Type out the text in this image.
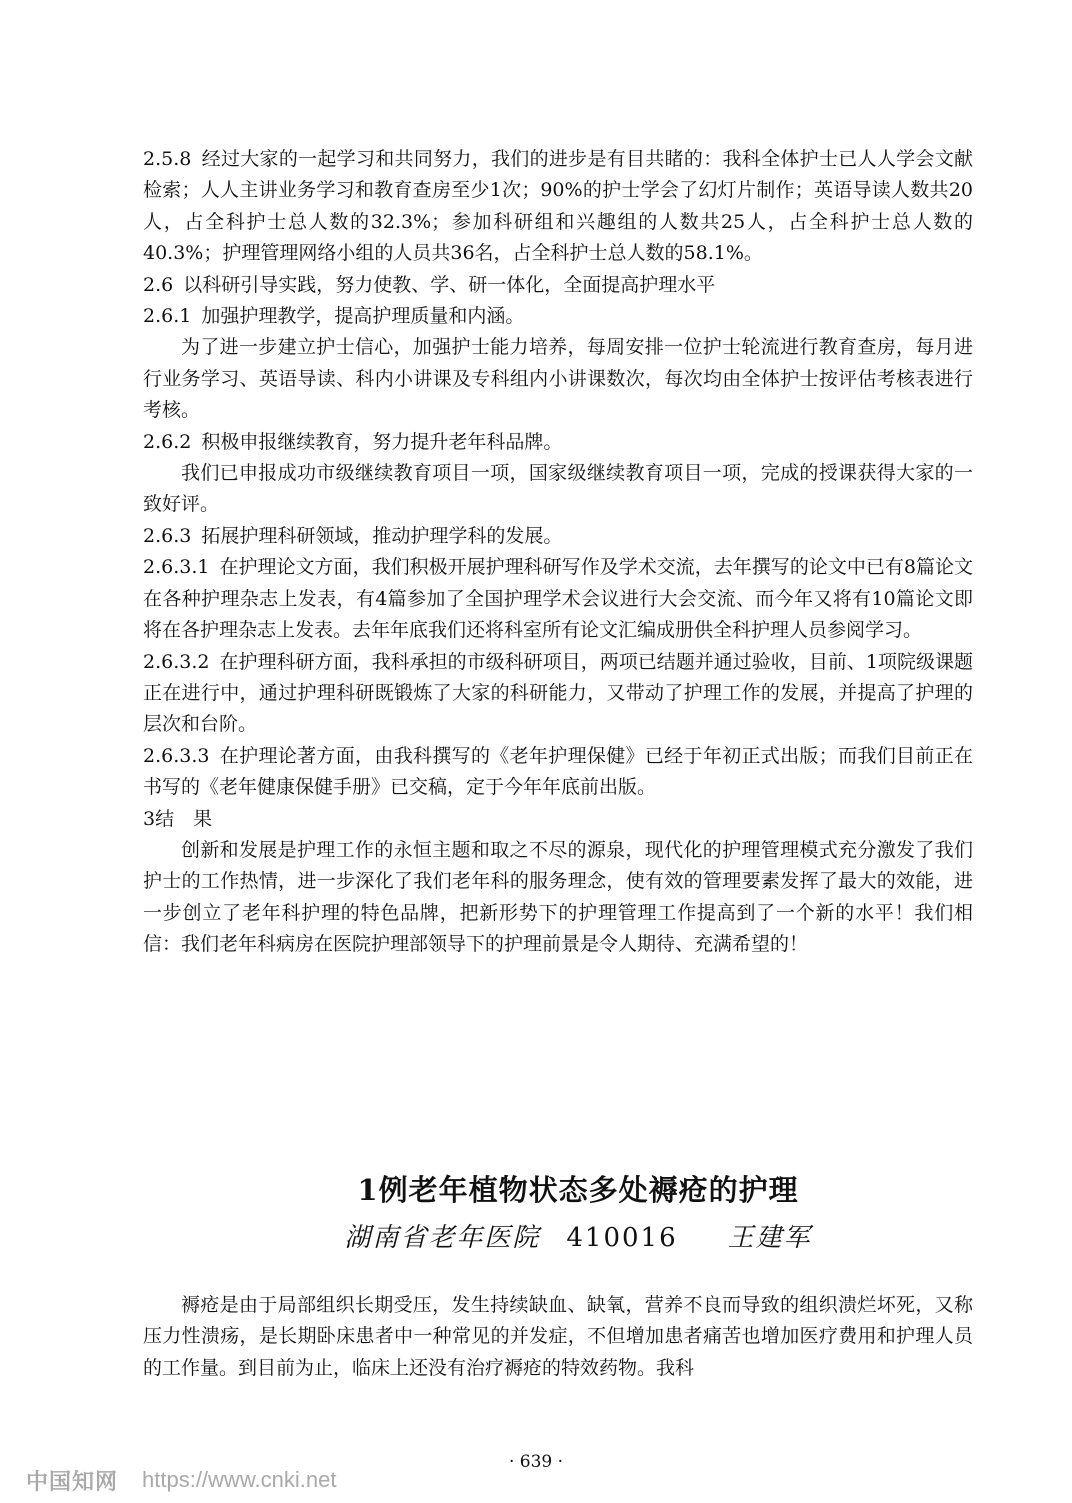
2.5.8 经过大家的一起学习和共同努力，我们的进步是有目共睹的：我科全体护士已人人学会文献检索；人人主讲业务学习和教育查房至少1次；90%的护士学会了幻灯片制作；英语导读人数共20人，占全科护士总人数的32.3%；参加科研组和兴趣组的人数共25人，占全科护士总人数的40.3%；护理管理网络小组的人员共36名，占全科护士总人数的58.1%。

2.6 以科研引导实践，努力使教、学、研一体化，全面提高护理水平

2.6.1 加强护理教学，提高护理质量和内涵。

为了进一步建立护士信心，加强护士能力培养，每周安排一位护士轮流进行教育查房，每月进行业务学习、英语导读、科内小讲课及专科组内小讲课数次，每次均由全体护士按评估考核表进行考核。

2.6.2 积极申报继续教育，努力提升老年科品牌。

我们已申报成功市级继续教育项目一项，国家级继续教育项目一项，完成的授课获得大家的一致好评。

2.6.3 拓展护理科研领域，推动护理学科的发展。

2.6.3.1 在护理论文方面，我们积极开展护理科研写作及学术交流，去年撰写的论文中已有8篇论文在各种护理杂志上发表，有4篇参加了全国护理学术会议进行大会交流、而今年又将有10篇论文即将在各护理杂志上发表。去年年底我们还将科室所有论文汇编成册供全科护理人员参阅学习。

2.6.3.2 在护理科研方面，我科承担的市级科研项目，两项已结题并通过验收，目前、1项院级课题正在进行中，通过护理科研既锻炼了大家的科研能力，又带动了护理工作的发展，并提高了护理的层次和台阶。

2.6.3.3 在护理论著方面，由我科撰写的《老年护理保健》已经于年初正式出版；而我们目前正在书写的《老年健康保健手册》已交稿，定于今年年底前出版。

3结　果

创新和发展是护理工作的永恒主题和取之不尽的源泉，现代化的护理管理模式充分激发了我们护士的工作热情，进一步深化了我们老年科的服务理念，使有效的管理要素发挥了最大的效能，进一步创立了老年科护理的特色品牌，把新形势下的护理管理工作提高到了一个新的水平！我们相信：我们老年科病房在医院护理部领导下的护理前景是令人期待、充满希望的！

1例老年植物状态多处褥疮的护理
湖南省老年医院 410016 王建军

褥疮是由于局部组织长期受压，发生持续缺血、缺氧，营养不良而导致的组织溃烂坏死，又称压力性溃疡，是长期卧床患者中一种常见的并发症，不但增加患者痛苦也增加医疗费用和护理人员的工作量。到目前为止，临床上还没有治疗褥疮的特效药物。我科

· 639 ·
中国知网 https://www.cnki.net
